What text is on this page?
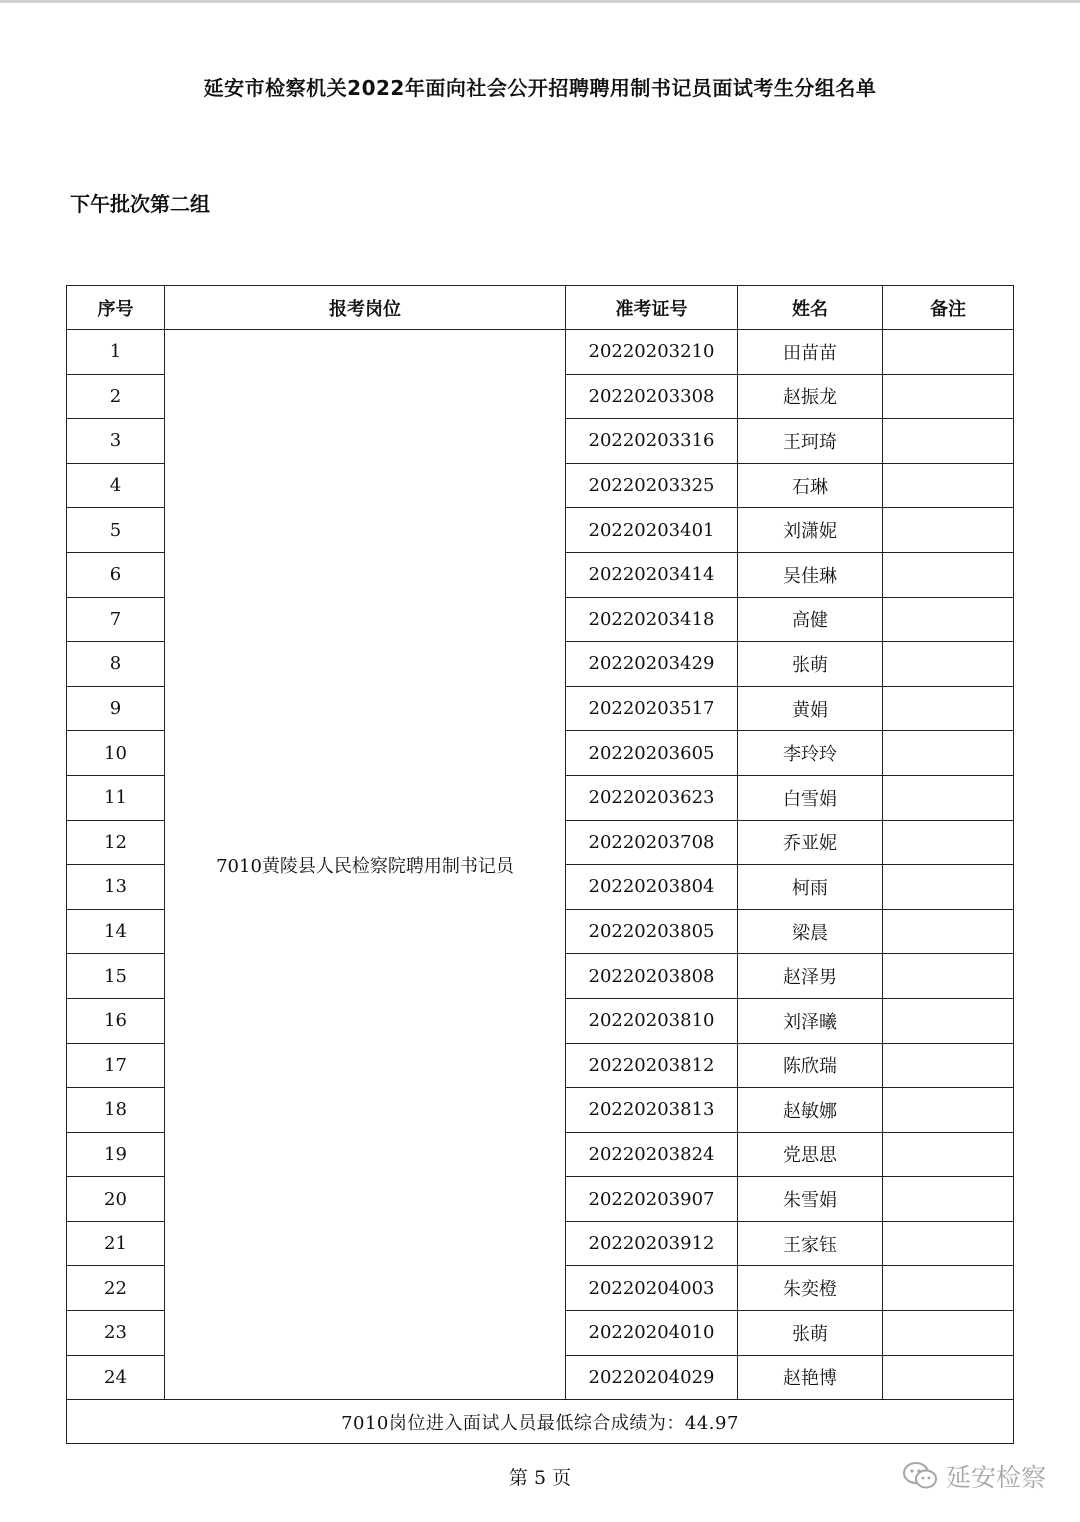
延安市检察机关2022年面向社会公开招聘聘用制书记员面试考生分组名单
下午批次第二组
序号	报考岗位	准考证号	姓名	备注
1	7010黄陵县人民检察院聘用制书记员	20220203210	田苗苗	
2		20220203308	赵振龙	
3		20220203316	王珂琦	
4		20220203325	石琳	
5		20220203401	刘潇妮	
6		20220203414	吴佳琳	
7		20220203418	高健	
8		20220203429	张萌	
9		20220203517	黄娟	
10		20220203605	李玲玲	
11		20220203623	白雪娟	
12		20220203708	乔亚妮	
13		20220203804	柯雨	
14		20220203805	梁晨	
15		20220203808	赵泽男	
16		20220203810	刘泽曦	
17		20220203812	陈欣瑞	
18		20220203813	赵敏娜	
19		20220203824	党思思	
20		20220203907	朱雪娟	
21		20220203912	王家钰	
22		20220204003	朱奕橙	
23		20220204010	张萌	
24		20220204029	赵艳博	
7010岗位进入面试人员最低综合成绩为：44.97				
第 5 页	延安检察
